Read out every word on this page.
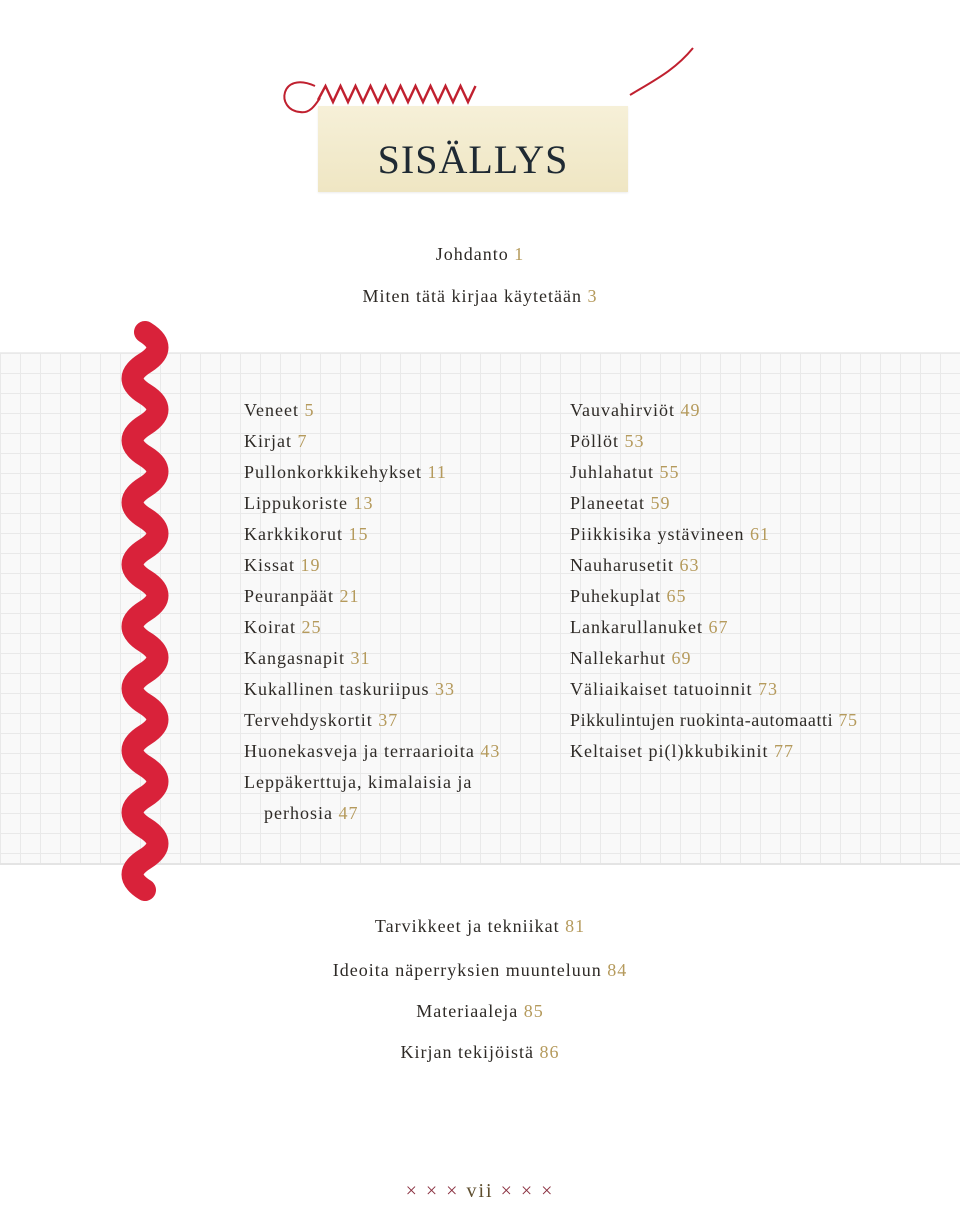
SISÄLLYS
Johdanto 1
Miten tätä kirjaa käytetään 3
Veneet 5
Kirjat 7
Pullonkorkkikehykset 11
Lippukoriste 13
Karkkikorut 15
Kissat 19
Peuranpäät 21
Koirat 25
Kangasnapit 31
Kukallinen taskuriipus 33
Tervehdyskortit 37
Huonekasveja ja terraarioita 43
Leppäkerttuja, kimalaisia ja
perhosia 47
Vauvahirviöt 49
Pöllöt 53
Juhlahatut 55
Planeetat 59
Piikkisika ystävineen 61
Nauharusetit 63
Puhekuplat 65
Lankarullanuket 67
Nallekarhut 69
Väliaikaiset tatuoinnit 73
Pikkulintujen ruokinta-automaatti 75
Keltaiset pi(l)kkubikinit 77
Tarvikkeet ja tekniikat 81
Ideoita näperryksien muunteluun 84
Materiaaleja 85
Kirjan tekijöistä 86
× × × vii × × ×
